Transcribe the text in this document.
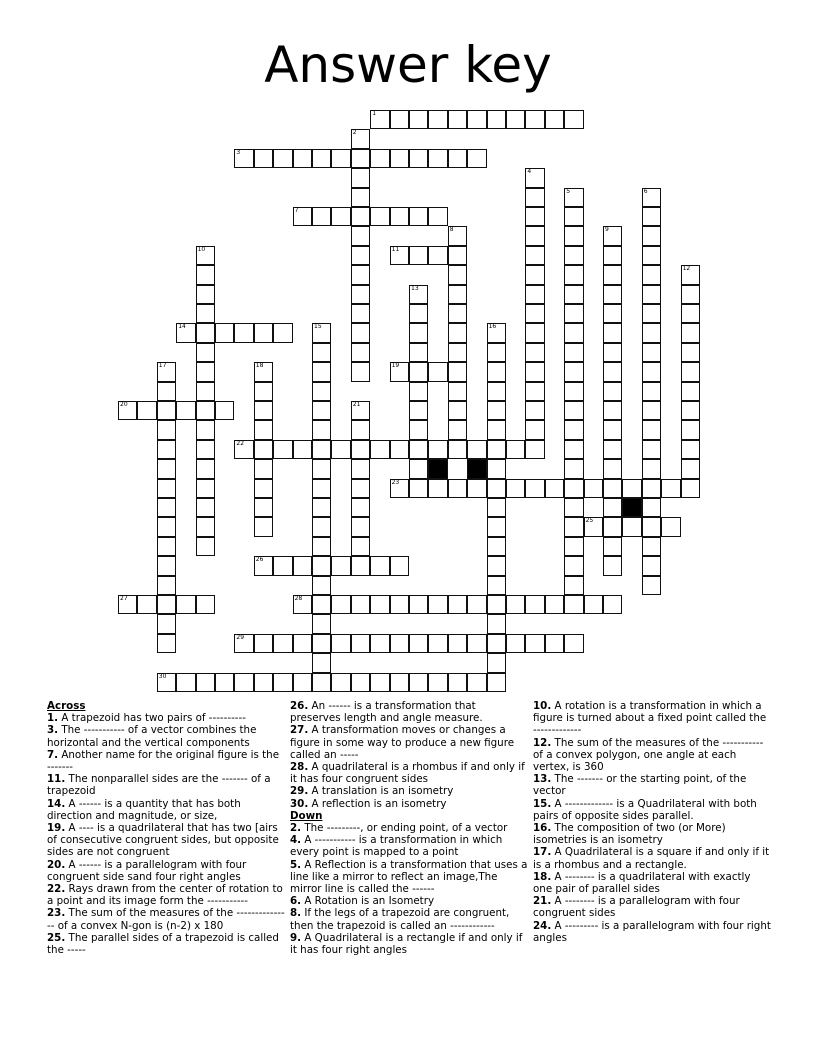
Answer key
1
2
3
4
5	6
7
8	9
10	11
12
13
14	15	16
17	18	19
20	21
22
23
25
26
27	28
29
30
Across
1. A trapezoid has two pairs of ----------
3. The ----------- of a vector combines the horizontal and the vertical components
7. Another name for the original figure is the -------
11. The nonparallel sides are the ------- of a trapezoid
14. A ------ is a quantity that has both direction and magnitude, or size,
19. A ---- is a quadrilateral that has two [airs of consecutive congruent sides, but opposite sides are not congruent
20. A ------ is a parallelogram with four congruent side sand four right angles
22. Rays drawn from the center of rotation to a point and its image form the -----------
23. The sum of the measures of the --------------- of a convex N-gon is (n-2) x 180
25. The parallel sides of a trapezoid is called the -----
26. An ------ is a transformation that preserves length and angle measure.
27. A transformation moves or changes a figure in some way to produce a new figure called an -----
28. A quadrilateral is a rhombus if and only if it has four congruent sides
29. A translation is an isometry
30. A reflection is an isometry
Down
2. The ---------, or ending point, of a vector
4. A ----------- is a transformation in which every point is mapped to a point
5. A Reflection is a transformation that uses a line like a mirror to reflect an image,The mirror line is called the ------
6. A Rotation is an Isometry
8. If the legs of a trapezoid are congruent, then the trapezoid is called an ------------
9. A Quadrilateral is a rectangle if and only if it has four right angles
10. A rotation is a transformation in which a figure is turned about a fixed point called the -------------
12. The sum of the measures of the ----------- of a convex polygon, one angle at each vertex, is 360
13. The ------- or the starting point, of the vector
15. A ------------- is a Quadrilateral with both pairs of opposite sides parallel.
16. The composition of two (or More) isometries is an isometry
17. A Quadrilateral is a square if and only if it is a rhombus and a rectangle.
18. A -------- is a quadrilateral with exactly one pair of parallel sides
21. A -------- is a parallelogram with four congruent sides
24. A --------- is a parallelogram with four right angles
